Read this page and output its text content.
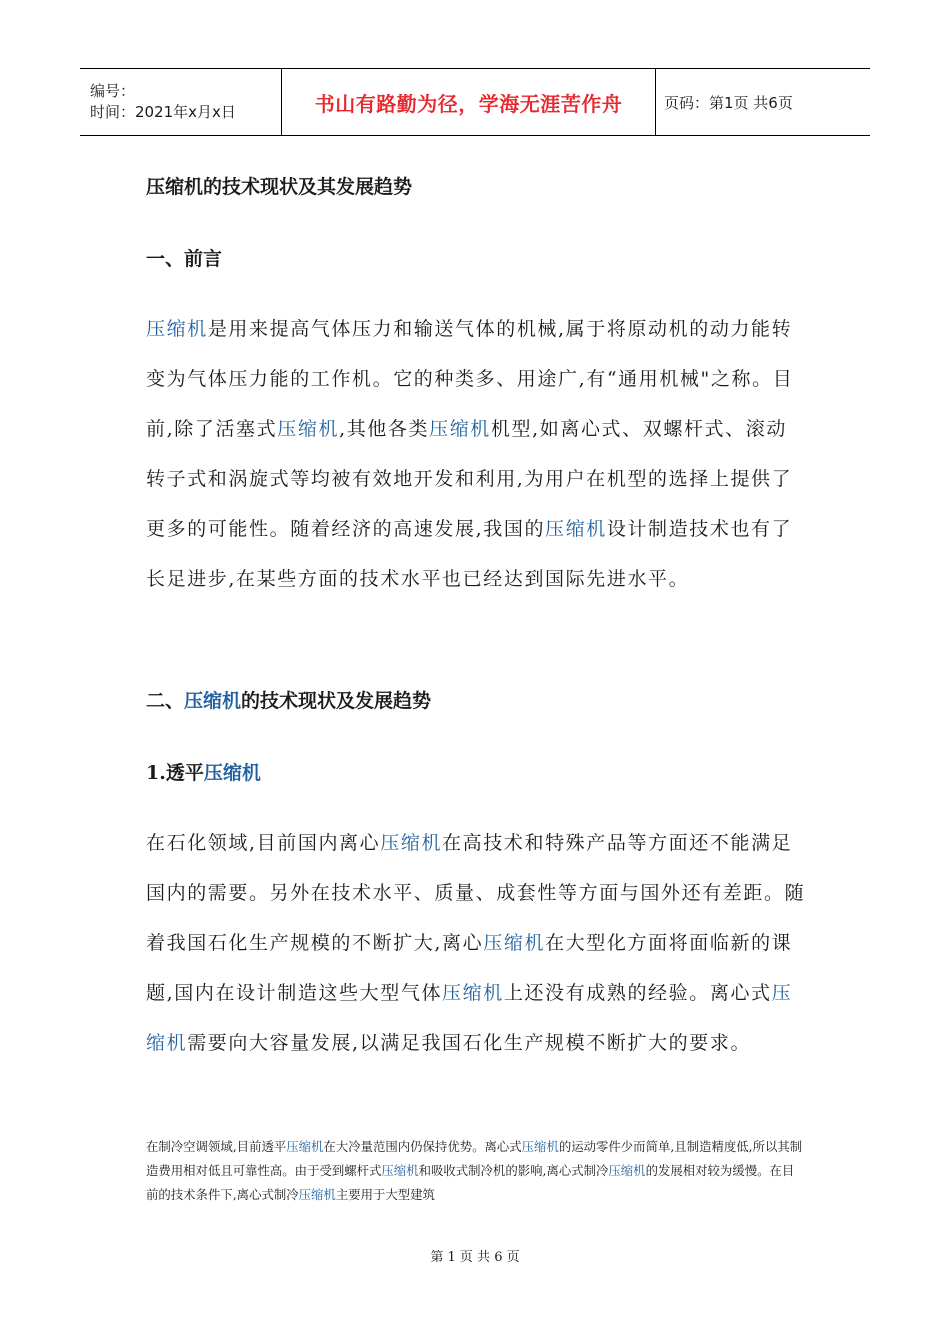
编号：
时间：2021年x月x日	书山有路勤为径，学海无涯苦作舟	页码：第1页 共6页
压缩机的技术现状及其发展趋势
一、前言
压缩机是用来提高气体压力和输送气体的机械,属于将原动机的动力能转变为气体压力能的工作机。它的种类多、用途广,有“通用机械"之称。目前,除了活塞式压缩机,其他各类压缩机机型,如离心式、双螺杆式、滚动转子式和涡旋式等均被有效地开发和利用,为用户在机型的选择上提供了更多的可能性。随着经济的高速发展,我国的压缩机设计制造技术也有了长足进步,在某些方面的技术水平也已经达到国际先进水平。
二、压缩机的技术现状及发展趋势
1.透平压缩机
在石化领域,目前国内离心压缩机在高技术和特殊产品等方面还不能满足国内的需要。另外在技术水平、质量、成套性等方面与国外还有差距。随着我国石化生产规模的不断扩大,离心压缩机在大型化方面将面临新的课题,国内在设计制造这些大型气体压缩机上还没有成熟的经验。离心式压缩机需要向大容量发展,以满足我国石化生产规模不断扩大的要求。
在制冷空调领域,目前透平压缩机在大冷量范围内仍保持优势。离心式压缩机的运动零件少而简单,且制造精度低,所以其制造费用相对低且可靠性高。由于受到螺杆式压缩机和吸收式制冷机的影响,离心式制冷压缩机的发展相对较为缓慢。在目前的技术条件下,离心式制冷压缩机主要用于大型建筑
第 1 页 共 6 页
